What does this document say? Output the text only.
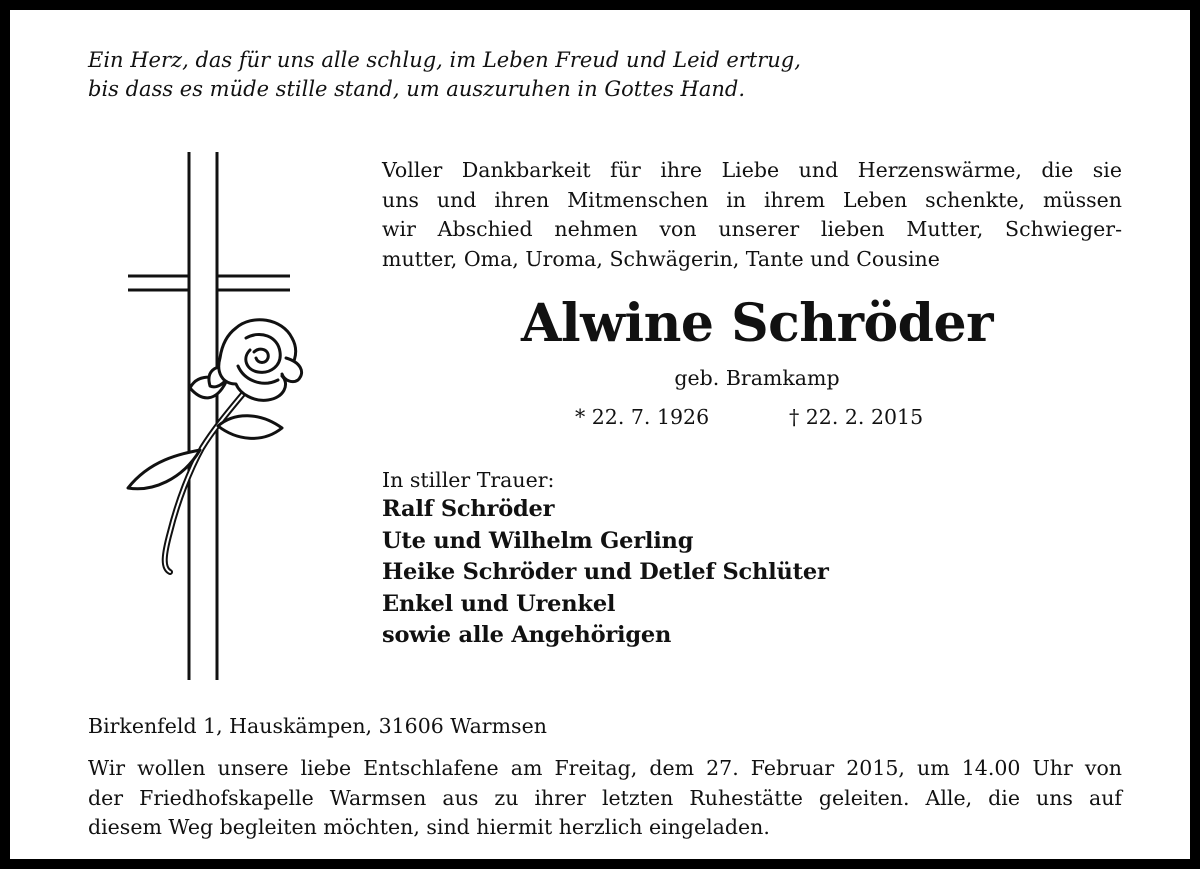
Ein Herz, das für uns alle schlug, im Leben Freud und Leid ertrug,
bis dass es müde stille stand, um auszuruhen in Gottes Hand.

Voller Dankbarkeit für ihre Liebe und Herzenswärme, die sie

uns und ihren Mitmenschen in ihrem Leben schenkte, müssen

wir Abschied nehmen von unserer lieben Mutter, Schwieger-

mutter, Oma, Uroma, Schwägerin, Tante und Cousine

Alwine Schröder
geb. Bramkamp
* 22. 7. 1926	† 22. 2. 2015
In stiller Trauer:
Ralf Schröder
Ute und Wilhelm Gerling
Heike Schröder und Detlef Schlüter
Enkel und Urenkel
sowie alle Angehörigen
Birkenfeld 1, Hauskämpen, 31606 Warmsen

Wir wollen unsere liebe Entschlafene am Freitag, dem 27. Februar 2015, um 14.00 Uhr von
der Friedhofskapelle Warmsen aus zu ihrer letzten Ruhestätte geleiten. Alle, die uns auf
diesem Weg begleiten möchten, sind hiermit herzlich eingeladen.
